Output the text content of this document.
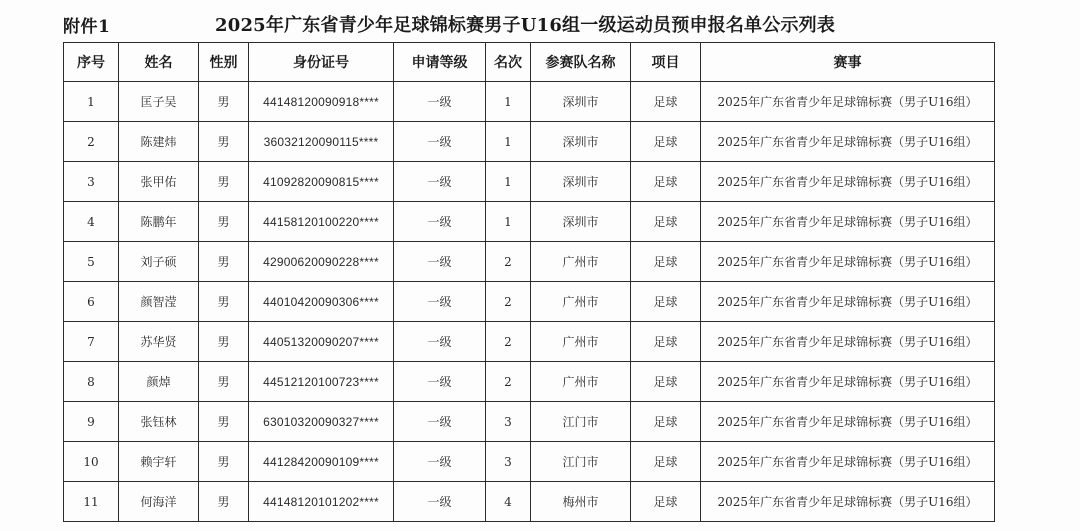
附件1	2025年广东省青少年足球锦标赛男子U16组一级运动员预申报名单公示列表
序号	姓名	性别	身份证号	申请等级	名次	参赛队名称	项目	赛事
1	匡子吴	男	44148120090918****	一级	1	深圳市	足球	2025年广东省青少年足球锦标赛（男子U16组）
2	陈建炜	男	36032120090115****	一级	1	深圳市	足球	2025年广东省青少年足球锦标赛（男子U16组）
3	张甲佑	男	41092820090815****	一级	1	深圳市	足球	2025年广东省青少年足球锦标赛（男子U16组）
4	陈鹏年	男	44158120100220****	一级	1	深圳市	足球	2025年广东省青少年足球锦标赛（男子U16组）
5	刘子硕	男	42900620090228****	一级	2	广州市	足球	2025年广东省青少年足球锦标赛（男子U16组）
6	颜智滢	男	44010420090306****	一级	2	广州市	足球	2025年广东省青少年足球锦标赛（男子U16组）
7	苏华贤	男	44051320090207****	一级	2	广州市	足球	2025年广东省青少年足球锦标赛（男子U16组）
8	颜焯	男	44512120100723****	一级	2	广州市	足球	2025年广东省青少年足球锦标赛（男子U16组）
9	张钰林	男	63010320090327****	一级	3	江门市	足球	2025年广东省青少年足球锦标赛（男子U16组）
10	赖宇轩	男	44128420090109****	一级	3	江门市	足球	2025年广东省青少年足球锦标赛（男子U16组）
11	何海洋	男	44148120101202****	一级	4	梅州市	足球	2025年广东省青少年足球锦标赛（男子U16组）
